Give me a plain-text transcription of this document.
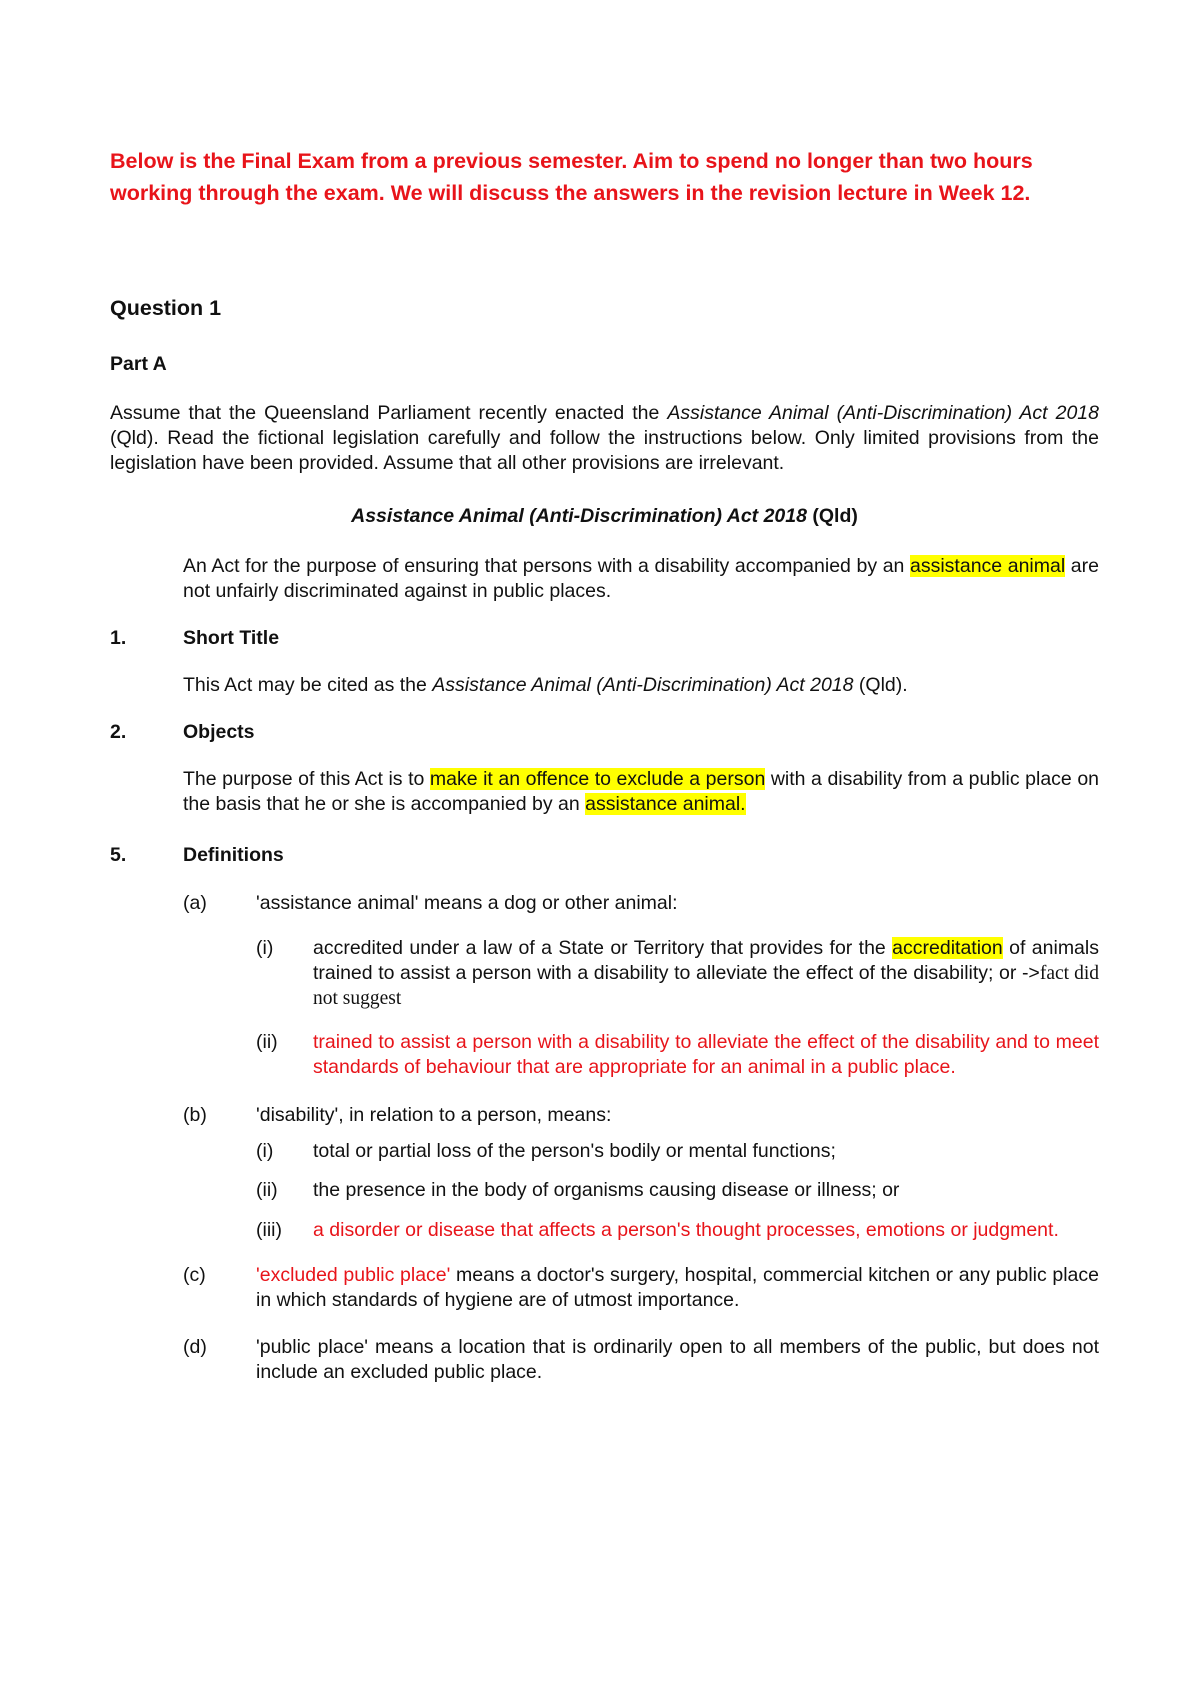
Below is the Final Exam from a previous semester. Aim to spend no longer than two hours working through the exam. We will discuss the answers in the revision lecture in Week 12.

Question 1
Part A
Assume that the Queensland Parliament recently enacted the Assistance Animal (Anti-Discrimination) Act 2018 (Qld). Read the fictional legislation carefully and follow the instructions below. Only limited provisions from the legislation have been provided. Assume that all other provisions are irrelevant.
Assistance Animal (Anti-Discrimination) Act 2018 (Qld)
An Act for the purpose of ensuring that persons with a disability accompanied by an assistance animal are not unfairly discriminated against in public places.
1.	Short Title
This Act may be cited as the Assistance Animal (Anti-Discrimination) Act 2018 (Qld).
2.	Objects
The purpose of this Act is to make it an offence to exclude a person with a disability from a public place on the basis that he or she is accompanied by an assistance animal.
5.	Definitions
(a)	'assistance animal' means a dog or other animal:
(i)	accredited under a law of a State or Territory that provides for the accreditation of animals trained to assist a person with a disability to alleviate the effect of the disability; or ->fact did not suggest
(ii)	trained to assist a person with a disability to alleviate the effect of the disability and to meet standards of behaviour that are appropriate for an animal in a public place.
(b)	'disability', in relation to a person, means:
(i)	total or partial loss of the person's bodily or mental functions;
(ii)	the presence in the body of organisms causing disease or illness; or
(iii)	a disorder or disease that affects a person's thought processes, emotions or judgment.
(c)	'excluded public place' means a doctor's surgery, hospital, commercial kitchen or any public place in which standards of hygiene are of utmost importance.
(d)	'public place' means a location that is ordinarily open to all members of the public, but does not include an excluded public place.
